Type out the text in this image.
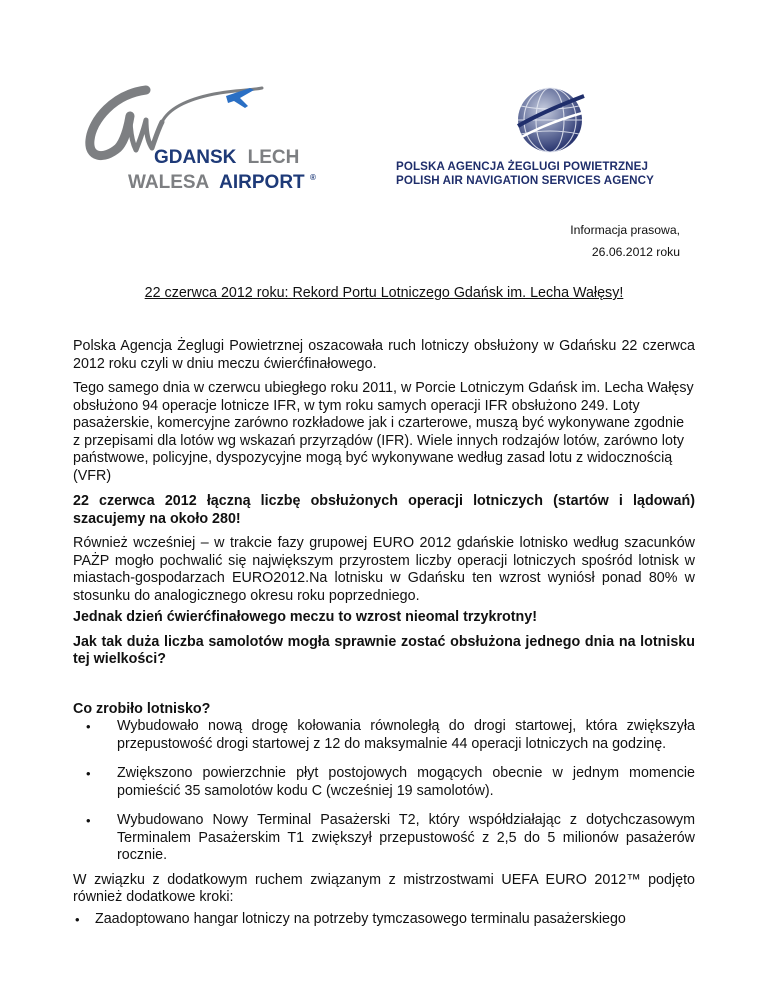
GDANSK LECH
WALESA AIRPORT ®
POLSKA AGENCJA ŻEGLUGI POWIETRZNEJ
POLISH AIR NAVIGATION SERVICES AGENCY
Informacja prasowa,
26.06.2012 roku
22 czerwca 2012 roku: Rekord Portu Lotniczego Gdańsk im. Lecha Wałęsy!

Polska Agencja Żeglugi Powietrznej oszacowała ruch lotniczy obsłużony w Gdańsku 22 czerwca 2012 roku czyli w dniu meczu ćwierćfinałowego.

Tego samego dnia w czerwcu ubiegłego roku 2011, w Porcie Lotniczym Gdańsk im. Lecha Wałęsy obsłużono 94 operacje lotnicze IFR, w tym roku samych operacji IFR obsłużono 249. Loty pasażerskie, komercyjne zarówno rozkładowe jak i czarterowe, muszą być wykonywane zgodnie z przepisami dla lotów wg wskazań przyrządów (IFR). Wiele innych rodzajów lotów, zarówno loty państwowe, policyjne, dyspozycyjne mogą być wykonywane według zasad lotu z widocznością (VFR)

22 czerwca 2012 łączną liczbę obsłużonych operacji lotniczych (startów i lądowań) szacujemy na około 280!

Również wcześniej – w trakcie fazy grupowej EURO 2012 gdańskie lotnisko według szacunków PAŻP mogło pochwalić się największym przyrostem liczby operacji lotniczych spośród lotnisk w miastach-gospodarzach EURO2012.Na lotnisku w Gdańsku ten wzrost wyniósł ponad 80% w stosunku do analogicznego okresu roku poprzedniego.

Jednak dzień ćwierćfinałowego meczu to wzrost nieomal trzykrotny!

Jak tak duża liczba samolotów mogła sprawnie zostać obsłużona jednego dnia na lotnisku tej wielkości?

Co zrobiło lotnisko?

• Wybudowało nową drogę kołowania równoległą do drogi startowej, która zwiększyła przepustowość drogi startowej z 12 do maksymalnie 44 operacji lotniczych na godzinę.
• Zwiększono powierzchnie płyt postojowych mogących obecnie w jednym momencie pomieścić 35 samolotów kodu C (wcześniej 19 samolotów).
• Wybudowano Nowy Terminal Pasażerski T2, który współdziałając z dotychczasowym Terminalem Pasażerskim T1 zwiększył przepustowość z 2,5 do 5 milionów pasażerów rocznie.

W związku z dodatkowym ruchem związanym z mistrzostwami UEFA EURO 2012™ podjęto również dodatkowe kroki:

• Zaadoptowano hangar lotniczy na potrzeby tymczasowego terminalu pasażerskiego
